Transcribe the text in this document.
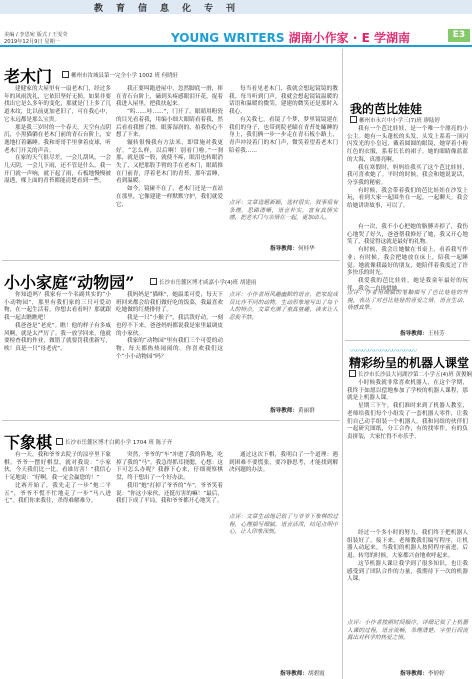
教育信息化专刊
美编 / 李思宛 版式 / 王雯莹
2019年12月9日 星期一	YOUNG WRITERS 湖南小作家 · E 学湖南	E3
老木门	郴州市汝城县第一完全小学 1002 班 何晓轩

建健家的大屋里有一扇老木门，经过多年的风雨洗礼，它依旧坚好无损。如果非要找出它是么多年的变化，那就是门上多了几道木纹，比以前更加老旧了，可在我心中，它永远都是那么宝贵。

那是我三岁时的一个春天，天空有点阴沉，小黑猫躺在老木门前的青石台阶上，安逸地打着瞌睡。我和哥哥手里拿着皮球，听老木门开关的声音。

在家的天气很尽差，一会儿刮风，一会儿天阴，一会儿下雨，还不管是什么，我一开门就一声响，就下起了雨，石板地慢慢被湿透，棵上面的青苔都能清楚看到一些，

我正要叫跑进屋中，忽然脚底一滑，摔在青石台阶上，磕到头疼感眼泪开花，捉着我进入屋里，把我扶起来。

“呜……哇……”，门开了，眼睛用粉瓷的目光看着我，用编小细大眼睛看着我，然后看看我擦了擦。眼雾湿润的，拍我伤心不想了下来。

辗转很慢我有方法米，即常施对我更好，“怎么样，以后啊！别看门啦。”一刹那，就是那一股，就使不疼，眼泪也转眼消失了，又把那股手臂的手在老木门，眼睛推在门前青，浮着老木门的青苔，那年雷睡，看到温暖。

如今，镜碰不在了，老木门还是一直站在那里，它像建建一样默默守护，我们就爱它，

每当看见老木门，我就会想起镜镜的教我。每当听到门声，我就会想起镜镜温暖的话语和温暖的微笑，建建的微笑还是那时入我心。

有关我七，看镜了个梦，梦里镜镜建在我们的身子，也带到院老瞄在青苔处瞌睡的身上，我们俩一步一步走在青石板小路上，青声冲浸着门的木门声，微笑着望着老木门陪着我……

点评：文章选题新颖，选材很实，叙事很有条理，思路清晰，语言朴实，富有真情实感，把老木门与亲情在一起，更加动人。
指导教师：何桂华
我的芭比娃娃
郴州市永兴中小学三(7)班 廖陆婷

我有一个芭比娃娃，是一个唯一个漂亮的小公主。她有一头蓬松的头发，头发上系着一顶闪闪发光的小皇冠，戴着圆圆的眼镜，她穿着小粉红色的衣服，系着长长的裙子，她的眼睛像蓝蓝的大海，真漂亮啊。

我在寒假时，妈妈给我买了这个芭比娃娃，我可喜欢她了。平时的时候，我会和她说说话，分享我的秘密。

有时候，我会带着我们的芭比娃娃在沙发上玩，看到大家一起围坐在一起，一起聊天。我会给她讲讲故事，可以了。

有一次，我不小心把她的胳膊弄掉了，我伤心地哭了好久，爸爸帮我修好了她，我又开心地笑了，我觉得这就是最好的礼物。

有时候，我会让她做在书桌上，看着我写作业；有时候，我会把她放在床上，陪我一起睡觉。她就像我最好的朋友，她陪伴着我度过了许多快乐的时光。

我爱我的芭比娃娃，她是我童年最好的玩伴，我会一直珍惜她。

点评：作者用细腻的笔触描写了芭比娃娃的外貌，表达了对芭比娃娃的喜爱之情，语言生动，情感真挚。
指导教师：王桂芳
小小家庭“动物园”	长沙市岳麓区博才咸嘉小学(4)班 胡建雨

你知道吗？我家有一个名副其实的“小小动物园”，那里有我们家的三只可爱动物，在一起生活着，你想去看看吗？那就跟我一起去瞧瞧吧！

我爸爸是“老虎”。瞧！他的样子有多威风啊，就是太严厉了。我一放学回来，他就要检查我的作业，做错了就要罚我重新写，唉！真是一只“母老虎”。

我妈妈是“猫咪”，她温柔可爱，每天下班回来都会给我们做好吃的饭菜，我最喜欢吃她做的红烧排骨了。

我是一只“小猴子”，我活泼好动，一刻也停不下来，爸爸妈妈都说我是家里最调皮的小家伙。

我家的“动物园”里有我们三个可爱的动物，每天都热热闹闹的。你喜欢我们这个“小小动物园”吗？

点评：小作者用风趣幽默的语言，把家庭成员比作不同的动物，生动形象地写出了每个人的特点，文章充满了童真童趣，读来让人忍俊不禁。
指导教师：黄丽群
〰〰〰〰〰〰〰〰〰〰〰
精彩纷呈的机器人课堂
长沙市长沙县大同湖沙第二小学五(4)班 黄俊娴

小时候我就非常喜欢机器人，在这个学期，我终于如愿以偿地参加了学校的机器人课程，那就是上机器人课。

星期三下午，我们准时来到了机器人教室，老师给我们每个小组发了一套机器人零件，让我们自己动手组装一个机器人。我和同组的伙伴们一起研究图纸，分工合作，有的找零件，有的负责拼装，大家忙得不亦乐乎。

经过一个多小时的努力，我们终于把机器人组装好了。接下来，老师教我们编写程序，让机器人动起来。当我们的机器人按照程序前进、后退、转弯的时候，大家都兴奋地欢呼起来。

这节机器人课让我学到了很多知识，也让我感受到了团队合作的力量，我期待下一次的机器人课。

点评：小作者按照时间顺序，详细记叙了上机器人课的过程，语言流畅，条理清楚，字里行间流露出对科学的热爱之情。
指导教师：李婷婷
下象棋	长沙市岳麓区博才白鹤小学 1704 班 陈子齐

有一天，我和爷爷去院子的凉亭里下象棋。爷爷一摆好棋盘，就对我说：“小家伙，今天我们比一比，看谁厉害！”我信心十足地说：“好啊，我一定会赢您的！”

比赛开始了，我先走了一步“炮二平五”，爷爷不慌不忙地走了一步“马八进七”。我们你来我往，杀得难解难分。

突然，爷爷的“车”冲进了我的阵地，吃掉了我的“马”。我急得抓耳挠腮，心想：这下可怎么办呢？我静下心来，仔细观察棋盘，终于想出了一个好办法。

我用“炮”打掉了爷爷的“车”，爷爷笑着说：“你这小家伙，还挺厉害的嘛！”最后，我们下成了平局，我和爷爷都开心地笑了。

通过这次下棋，我明白了一个道理：遇到困难不要慌张，要冷静思考，才能找到解决问题的办法。

点评：文章生动地记叙了与爷爷下象棋的过程，心理描写细腻，语言活泼，结尾点明中心，让人印象深刻。
指导教师：胡碧霞
